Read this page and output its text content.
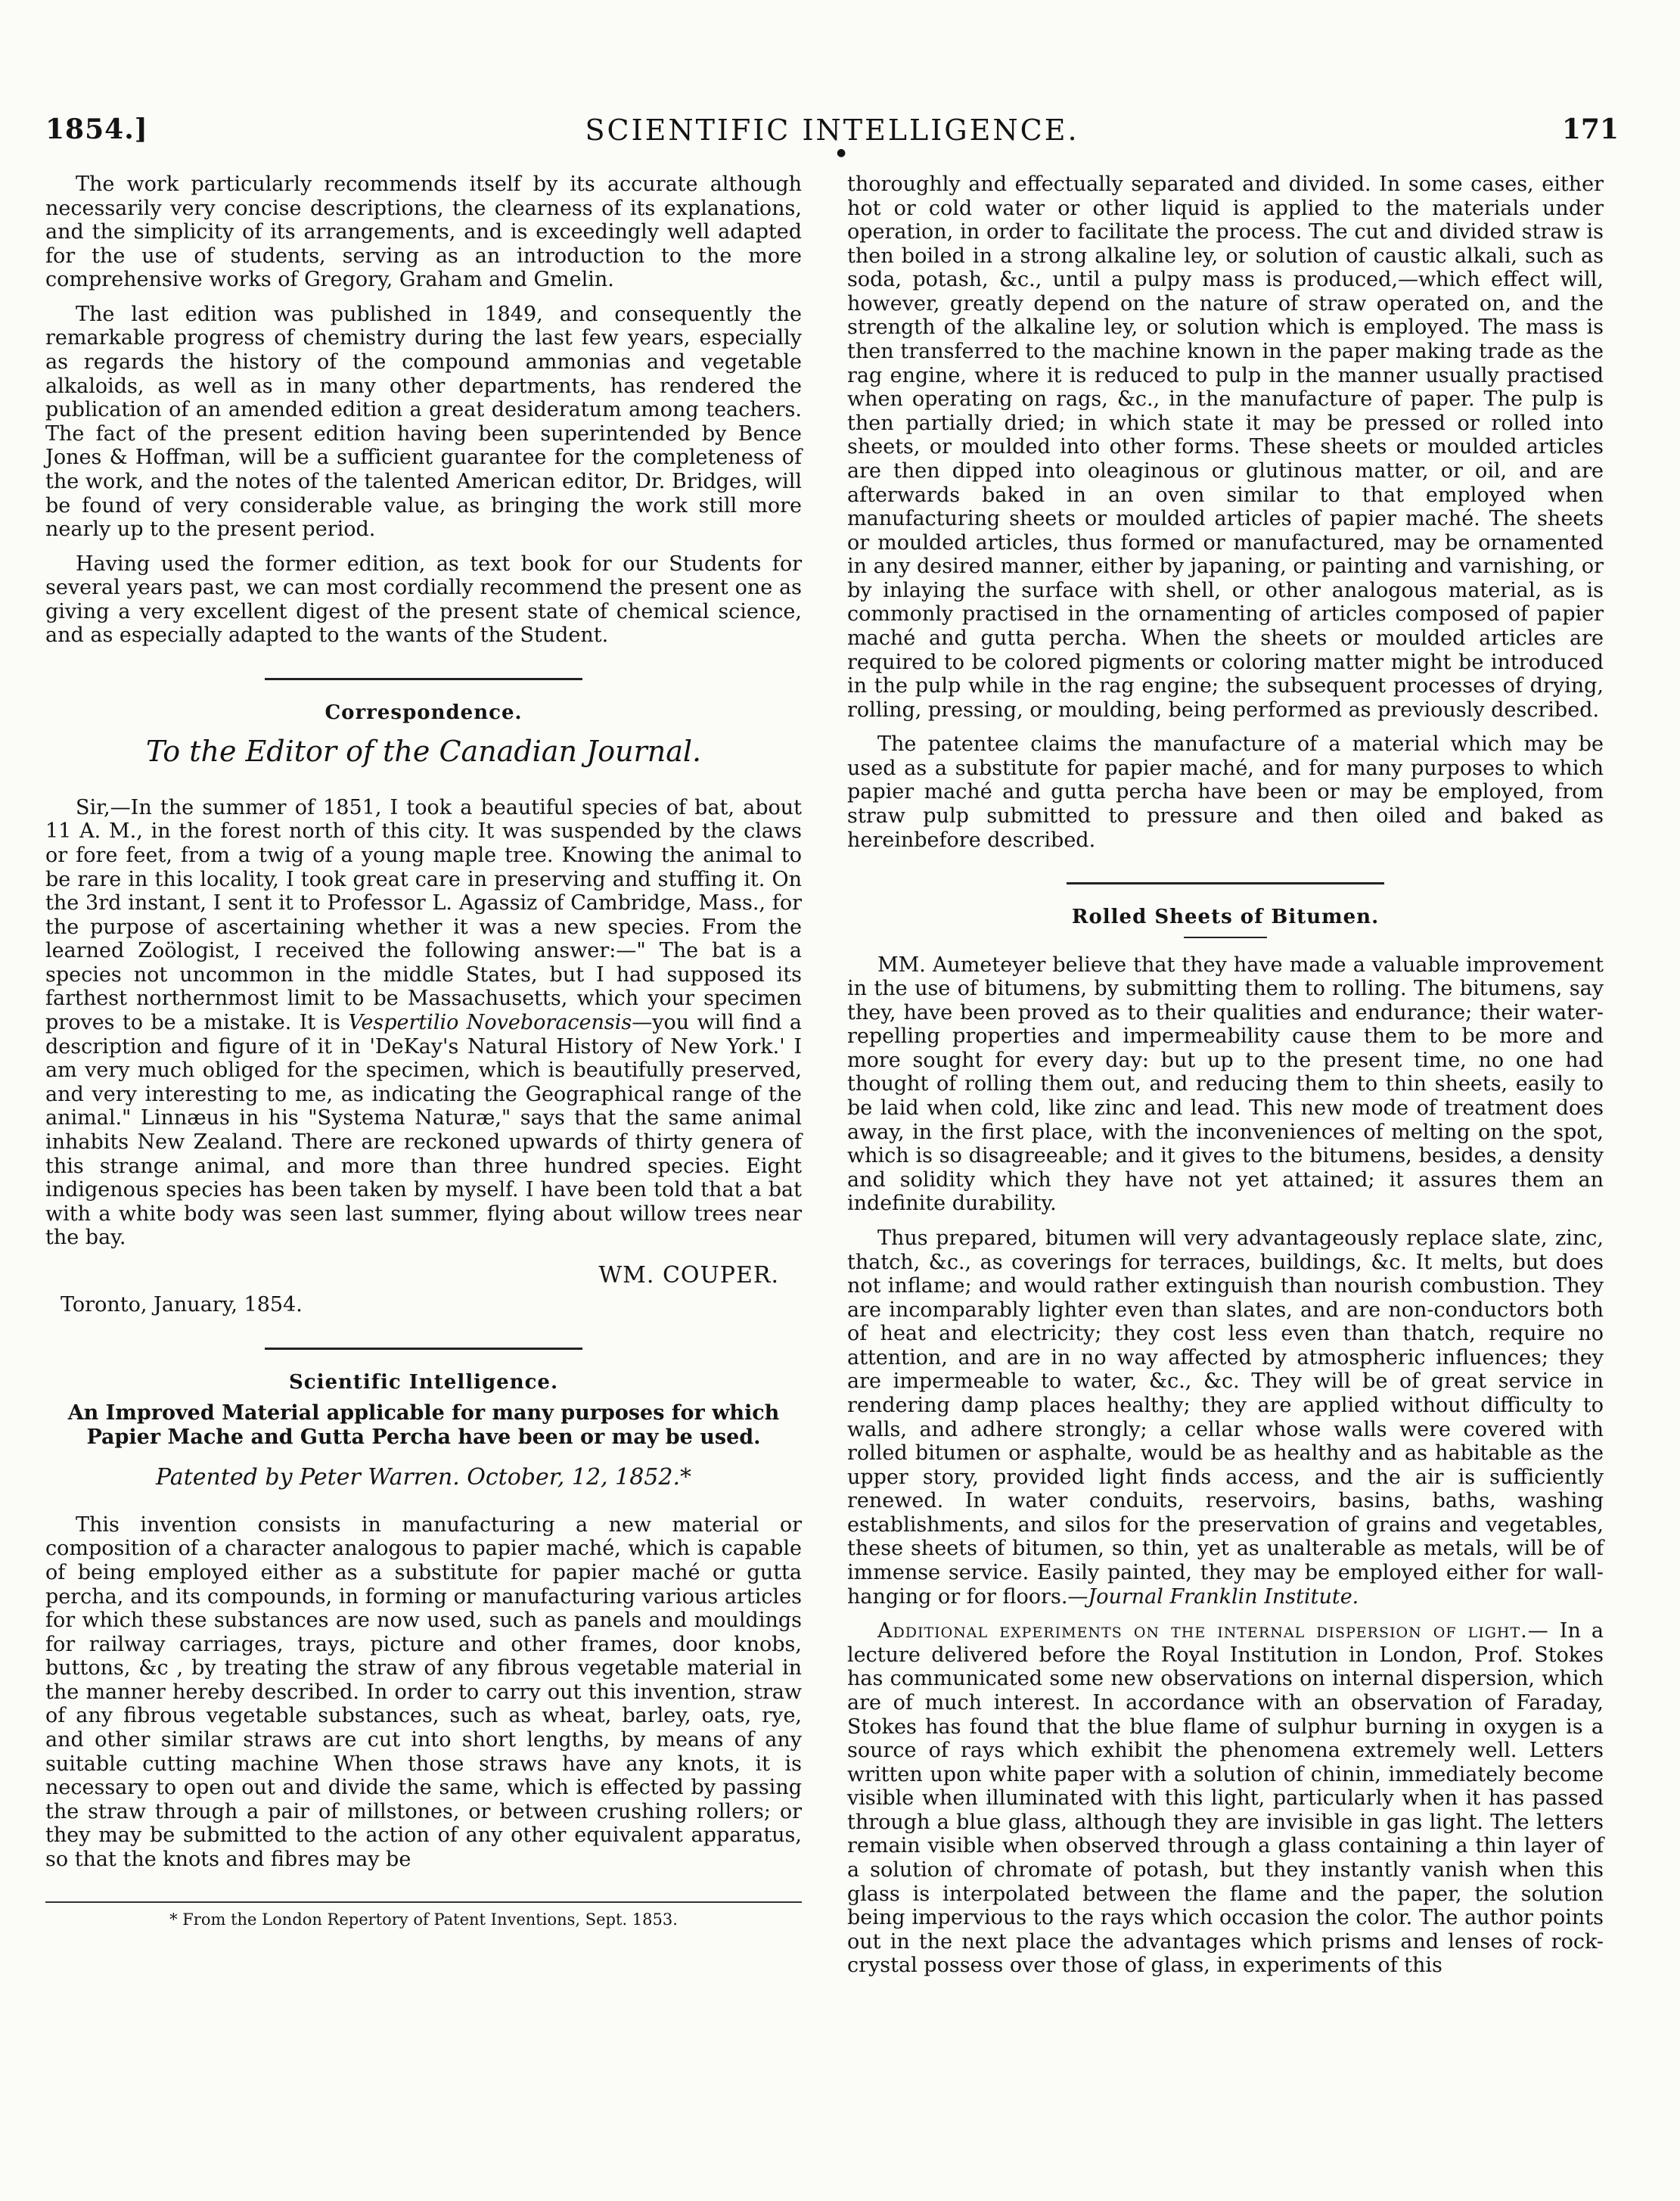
1854.]	SCIENTIFIC INTELLIGENCE.	171
●

The work particularly recommends itself by its accurate although necessarily very concise descriptions, the clearness of its explanations, and the simplicity of its arrangements, and is exceedingly well adapted for the use of students, serving as an introduction to the more comprehensive works of Gregory, Graham and Gmelin.

The last edition was published in 1849, and consequently the remarkable progress of chemistry during the last few years, especially as regards the history of the compound ammonias and vegetable alkaloids, as well as in many other departments, has rendered the publication of an amended edition a great desideratum among teachers. The fact of the present edition having been superintended by Bence Jones & Hoffman, will be a sufficient guarantee for the completeness of the work, and the notes of the talented American editor, Dr. Bridges, will be found of very considerable value, as bringing the work still more nearly up to the present period.

Having used the former edition, as text book for our Students for several years past, we can most cordially recommend the present one as giving a very excellent digest of the present state of chemical science, and as especially adapted to the wants of the Student.

Correspondence.
To the Editor of the Canadian Journal.

Sir,—In the summer of 1851, I took a beautiful species of bat, about 11 A. M., in the forest north of this city. It was suspended by the claws or fore feet, from a twig of a young maple tree. Knowing the animal to be rare in this locality, I took great care in preserving and stuffing it. On the 3rd instant, I sent it to Professor L. Agassiz of Cambridge, Mass., for the purpose of ascertaining whether it was a new species. From the learned Zoölogist, I received the following answer:—" The bat is a species not uncommon in the middle States, but I had supposed its farthest northernmost limit to be Massachusetts, which your specimen proves to be a mistake. It is Vespertilio Noveboracensis—you will find a description and figure of it in 'DeKay's Natural History of New York.' I am very much obliged for the specimen, which is beautifully preserved, and very interesting to me, as indicating the Geographical range of the animal." Linnæus in his "Systema Naturæ," says that the same animal inhabits New Zealand. There are reckoned upwards of thirty genera of this strange animal, and more than three hundred species. Eight indigenous species has been taken by myself. I have been told that a bat with a white body was seen last summer, flying about willow trees near the bay.

WM. COUPER.

Toronto, January, 1854.

Scientific Intelligence.
An Improved Material applicable for many purposes for which Papier Mache and Gutta Percha have been or may be used.
Patented by Peter Warren. October, 12, 1852.*

This invention consists in manufacturing a new material or composition of a character analogous to papier maché, which is capable of being employed either as a substitute for papier maché or gutta percha, and its compounds, in forming or manufacturing various articles for which these substances are now used, such as panels and mouldings for railway carriages, trays, picture and other frames, door knobs, buttons, &c , by treating the straw of any fibrous vegetable material in the manner hereby described. In order to carry out this invention, straw of any fibrous vegetable substances, such as wheat, barley, oats, rye, and other similar straws are cut into short lengths, by means of any suitable cutting machine When those straws have any knots, it is necessary to open out and divide the same, which is effected by passing the straw through a pair of millstones, or between crushing rollers; or they may be submitted to the action of any other equivalent apparatus, so that the knots and fibres may be

* From the London Repertory of Patent Inventions, Sept. 1853.

thoroughly and effectually separated and divided. In some cases, either hot or cold water or other liquid is applied to the materials under operation, in order to facilitate the process. The cut and divided straw is then boiled in a strong alkaline ley, or solution of caustic alkali, such as soda, potash, &c., until a pulpy mass is produced,—which effect will, however, greatly depend on the nature of straw operated on, and the strength of the alkaline ley, or solution which is employed. The mass is then transferred to the machine known in the paper making trade as the rag engine, where it is reduced to pulp in the manner usually practised when operating on rags, &c., in the manufacture of paper. The pulp is then partially dried; in which state it may be pressed or rolled into sheets, or moulded into other forms. These sheets or moulded articles are then dipped into oleaginous or glutinous matter, or oil, and are afterwards baked in an oven similar to that employed when manufacturing sheets or moulded articles of papier maché. The sheets or moulded articles, thus formed or manufactured, may be ornamented in any desired manner, either by japaning, or painting and varnishing, or by inlaying the surface with shell, or other analogous material, as is commonly practised in the ornamenting of articles composed of papier maché and gutta percha. When the sheets or moulded articles are required to be colored pigments or coloring matter might be introduced in the pulp while in the rag engine; the subsequent processes of drying, rolling, pressing, or moulding, being performed as previously described.

The patentee claims the manufacture of a material which may be used as a substitute for papier maché, and for many purposes to which papier maché and gutta percha have been or may be employed, from straw pulp submitted to pressure and then oiled and baked as hereinbefore described.

Rolled Sheets of Bitumen.

MM. Aumeteyer believe that they have made a valuable improvement in the use of bitumens, by submitting them to rolling. The bitumens, say they, have been proved as to their qualities and endurance; their water-repelling properties and impermeability cause them to be more and more sought for every day: but up to the present time, no one had thought of rolling them out, and reducing them to thin sheets, easily to be laid when cold, like zinc and lead. This new mode of treatment does away, in the first place, with the inconveniences of melting on the spot, which is so disagreeable; and it gives to the bitumens, besides, a density and solidity which they have not yet attained; it assures them an indefinite durability.

Thus prepared, bitumen will very advantageously replace slate, zinc, thatch, &c., as coverings for terraces, buildings, &c. It melts, but does not inflame; and would rather extinguish than nourish combustion. They are incomparably lighter even than slates, and are non-conductors both of heat and electricity; they cost less even than thatch, require no attention, and are in no way affected by atmospheric influences; they are impermeable to water, &c., &c. They will be of great service in rendering damp places healthy; they are applied without difficulty to walls, and adhere strongly; a cellar whose walls were covered with rolled bitumen or asphalte, would be as healthy and as habitable as the upper story, provided light finds access, and the air is sufficiently renewed. In water conduits, reservoirs, basins, baths, washing establishments, and silos for the preservation of grains and vegetables, these sheets of bitumen, so thin, yet as unalterable as metals, will be of immense service. Easily painted, they may be employed either for wall-hanging or for floors.—Journal Franklin Institute.

Additional experiments on the internal dispersion of light.— In a lecture delivered before the Royal Institution in London, Prof. Stokes has communicated some new observations on internal dispersion, which are of much interest. In accordance with an observation of Faraday, Stokes has found that the blue flame of sulphur burning in oxygen is a source of rays which exhibit the phenomena extremely well. Letters written upon white paper with a solution of chinin, immediately become visible when illuminated with this light, particularly when it has passed through a blue glass, although they are invisible in gas light. The letters remain visible when observed through a glass containing a thin layer of a solution of chromate of potash, but they instantly vanish when this glass is interpolated between the flame and the paper, the solution being impervious to the rays which occasion the color. The author points out in the next place the advantages which prisms and lenses of rock-crystal possess over those of glass, in experiments of this
